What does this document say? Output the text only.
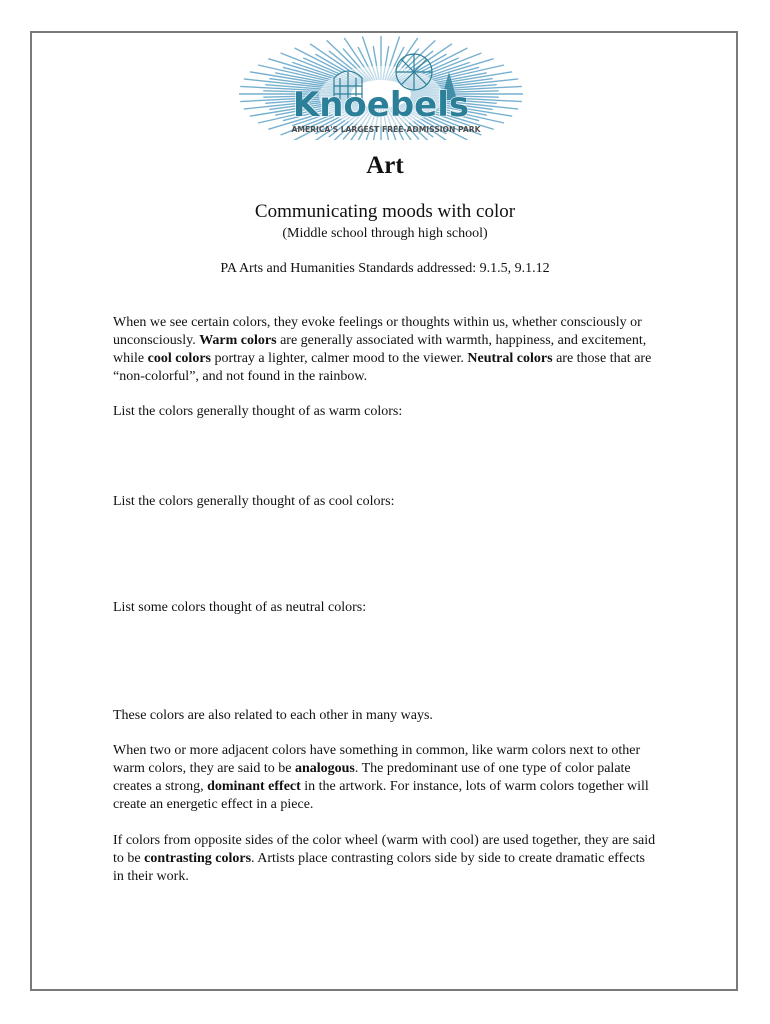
Knoebels
AMERICA'S LARGEST FREE-ADMISSION PARK
Art
Communicating moods with color
(Middle school through high school)
PA Arts and Humanities Standards addressed: 9.1.5, 9.1.12

When we see certain colors, they evoke feelings or thoughts within us, whether consciously or unconsciously. Warm colors are generally associated with warmth, happiness, and excitement, while cool colors portray a lighter, calmer mood to the viewer. Neutral colors are those that are “non-colorful”, and not found in the rainbow.

List the colors generally thought of as warm colors:

List the colors generally thought of as cool colors:

List some colors thought of as neutral colors:

These colors are also related to each other in many ways.

When two or more adjacent colors have something in common, like warm colors next to other warm colors, they are said to be analogous. The predominant use of one type of color palate creates a strong, dominant effect in the artwork. For instance, lots of warm colors together will create an energetic effect in a piece.

If colors from opposite sides of the color wheel (warm with cool) are used together, they are said to be contrasting colors. Artists place contrasting colors side by side to create dramatic effects in their work.
